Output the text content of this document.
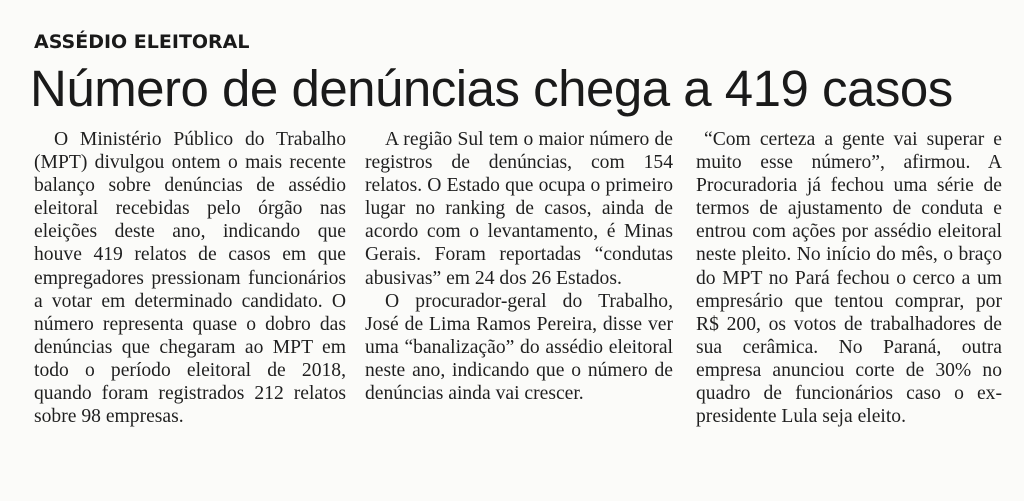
ASSÉDIO ELEITORAL
Número de denúncias chega a 419 casos

O Ministério Público do Trabalho (MPT) divulgou ontem o mais recente balanço sobre denúncias de assédio eleitoral recebidas pelo órgão nas eleições deste ano, indicando que houve 419 relatos de casos em que empregadores pressionam funcionários a votar em determinado candidato. O número representa quase o dobro das denúncias que chegaram ao MPT em todo o período eleitoral de 2018, quando foram registrados 212 relatos sobre 98 empresas.

A região Sul tem o maior número de registros de denúncias, com 154 relatos. O Estado que ocupa o primeiro lugar no ranking de casos, ainda de acordo com o levantamento, é Minas Gerais. Foram reportadas “condutas abusivas” em 24 dos 26 Estados.

O procurador-geral do Trabalho, José de Lima Ramos Pereira, disse ver uma “banalização” do assédio eleitoral neste ano, indicando que o número de denúncias ainda vai crescer.

“Com certeza a gente vai superar e muito esse número”, afirmou. A Procuradoria já fechou uma série de termos de ajustamento de conduta e entrou com ações por assédio eleitoral neste pleito. No início do mês, o braço do MPT no Pará fechou o cerco a um empresário que tentou comprar, por R$ 200, os votos de trabalhadores de sua cerâmica. No Paraná, outra empresa anunciou corte de 30% no quadro de funcionários caso o ex-presidente Lula seja eleito.
